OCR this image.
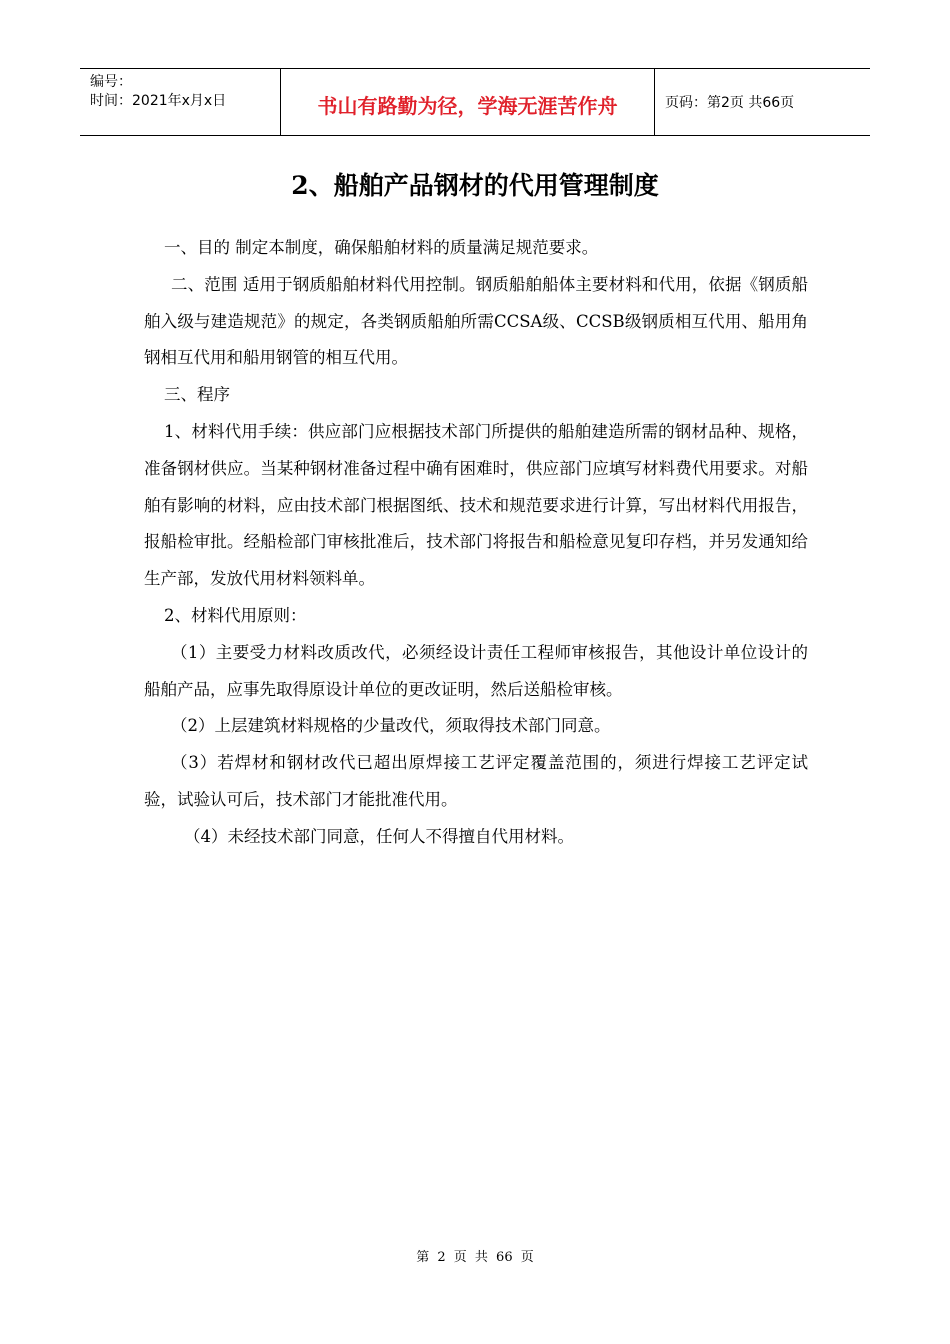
编号：
时间：2021年x月x日	书山有路勤为径，学海无涯苦作舟	页码：第2页 共66页
2、船舶产品钢材的代用管理制度

一、目的 制定本制度，确保船舶材料的质量满足规范要求。

二、范围 适用于钢质船舶材料代用控制。钢质船舶船体主要材料和代用，依据《钢质船舶入级与建造规范》的规定，各类钢质船舶所需CCSA级、CCSB级钢质相互代用、船用角钢相互代用和船用钢管的相互代用。

三、程序

1、材料代用手续：供应部门应根据技术部门所提供的船舶建造所需的钢材品种、规格，准备钢材供应。当某种钢材准备过程中确有困难时，供应部门应填写材料费代用要求。对船舶有影响的材料，应由技术部门根据图纸、技术和规范要求进行计算，写出材料代用报告，报船检审批。经船检部门审核批准后，技术部门将报告和船检意见复印存档，并另发通知给生产部，发放代用材料领料单。

2、材料代用原则：

（1）主要受力材料改质改代，必须经设计责任工程师审核报告，其他设计单位设计的船舶产品，应事先取得原设计单位的更改证明，然后送船检审核。

（2）上层建筑材料规格的少量改代，须取得技术部门同意。

（3）若焊材和钢材改代已超出原焊接工艺评定覆盖范围的，须进行焊接工艺评定试验，试验认可后，技术部门才能批准代用。

（4）未经技术部门同意，任何人不得擅自代用材料。

第 2 页 共 66 页
